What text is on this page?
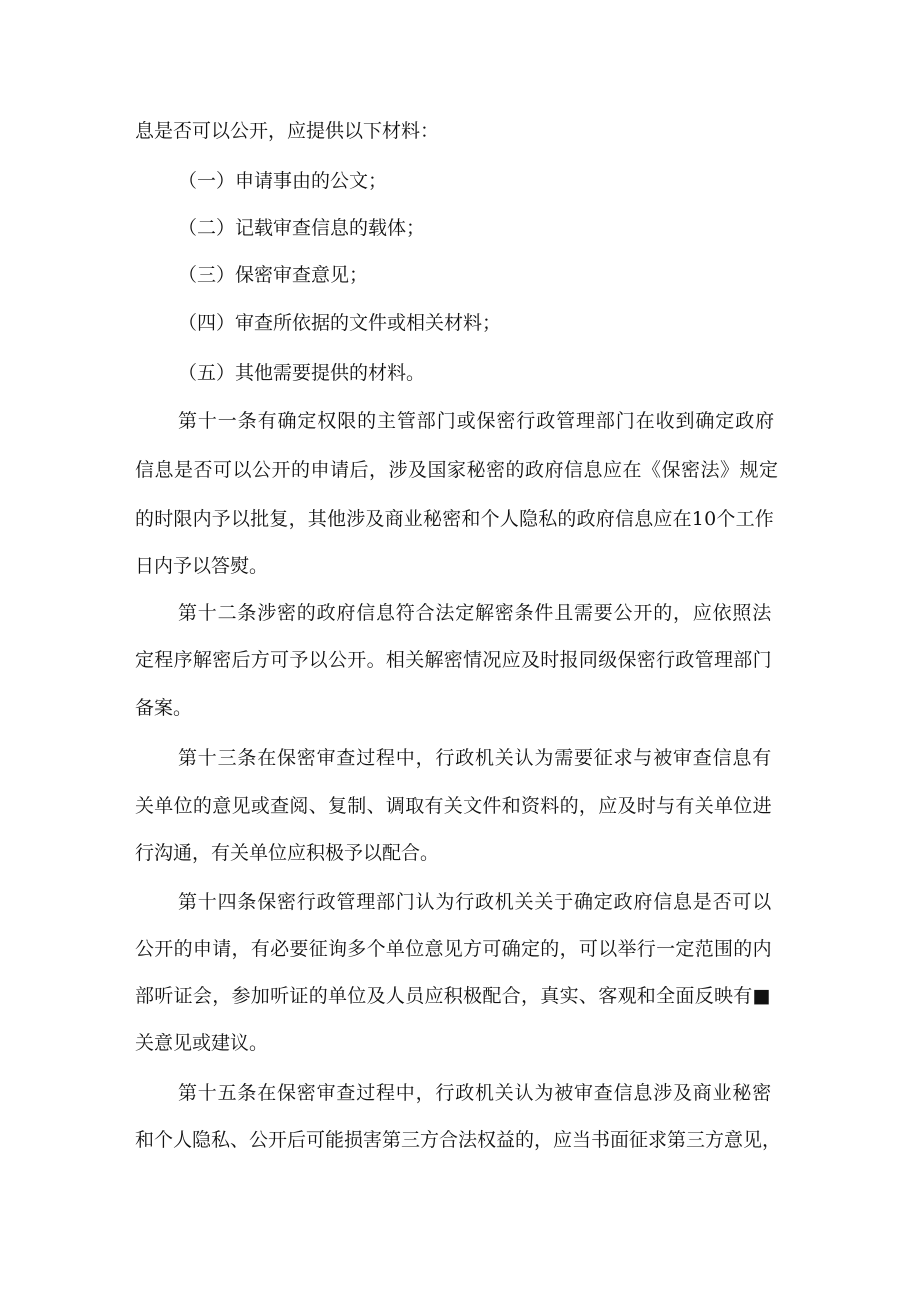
息是否可以公开，应提供以下材料：

（一）申请事由的公文；

（二）记载审查信息的载体；

（三）保密审查意见；

（四）审查所依据的文件或相关材料；

（五）其他需要提供的材料。

第十一条有确定权限的主管部门或保密行政管理部门在收到确定政府

信息是否可以公开的申请后，涉及国家秘密的政府信息应在《保密法》规定

的时限内予以批复，其他涉及商业秘密和个人隐私的政府信息应在10个工作

日内予以答熨。

第十二条涉密的政府信息符合法定解密条件且需要公开的，应依照法

定程序解密后方可予以公开。相关解密情况应及时报同级保密行政管理部门

备案。

第十三条在保密审查过程中，行政机关认为需要征求与被审查信息有

关单位的意见或查阅、复制、调取有关文件和资料的，应及时与有关单位进

行沟通，有关单位应积极予以配合。

第十四条保密行政管理部门认为行政机关关于确定政府信息是否可以

公开的申请，有必要征询多个单位意见方可确定的，可以举行一定范围的内

部听证会，参加听证的单位及人员应积极配合，真实、客观和全面反映有■

关意见或建议。

第十五条在保密审查过程中，行政机关认为被审查信息涉及商业秘密

和个人隐私、公开后可能损害第三方合法权益的，应当书面征求第三方意见，
